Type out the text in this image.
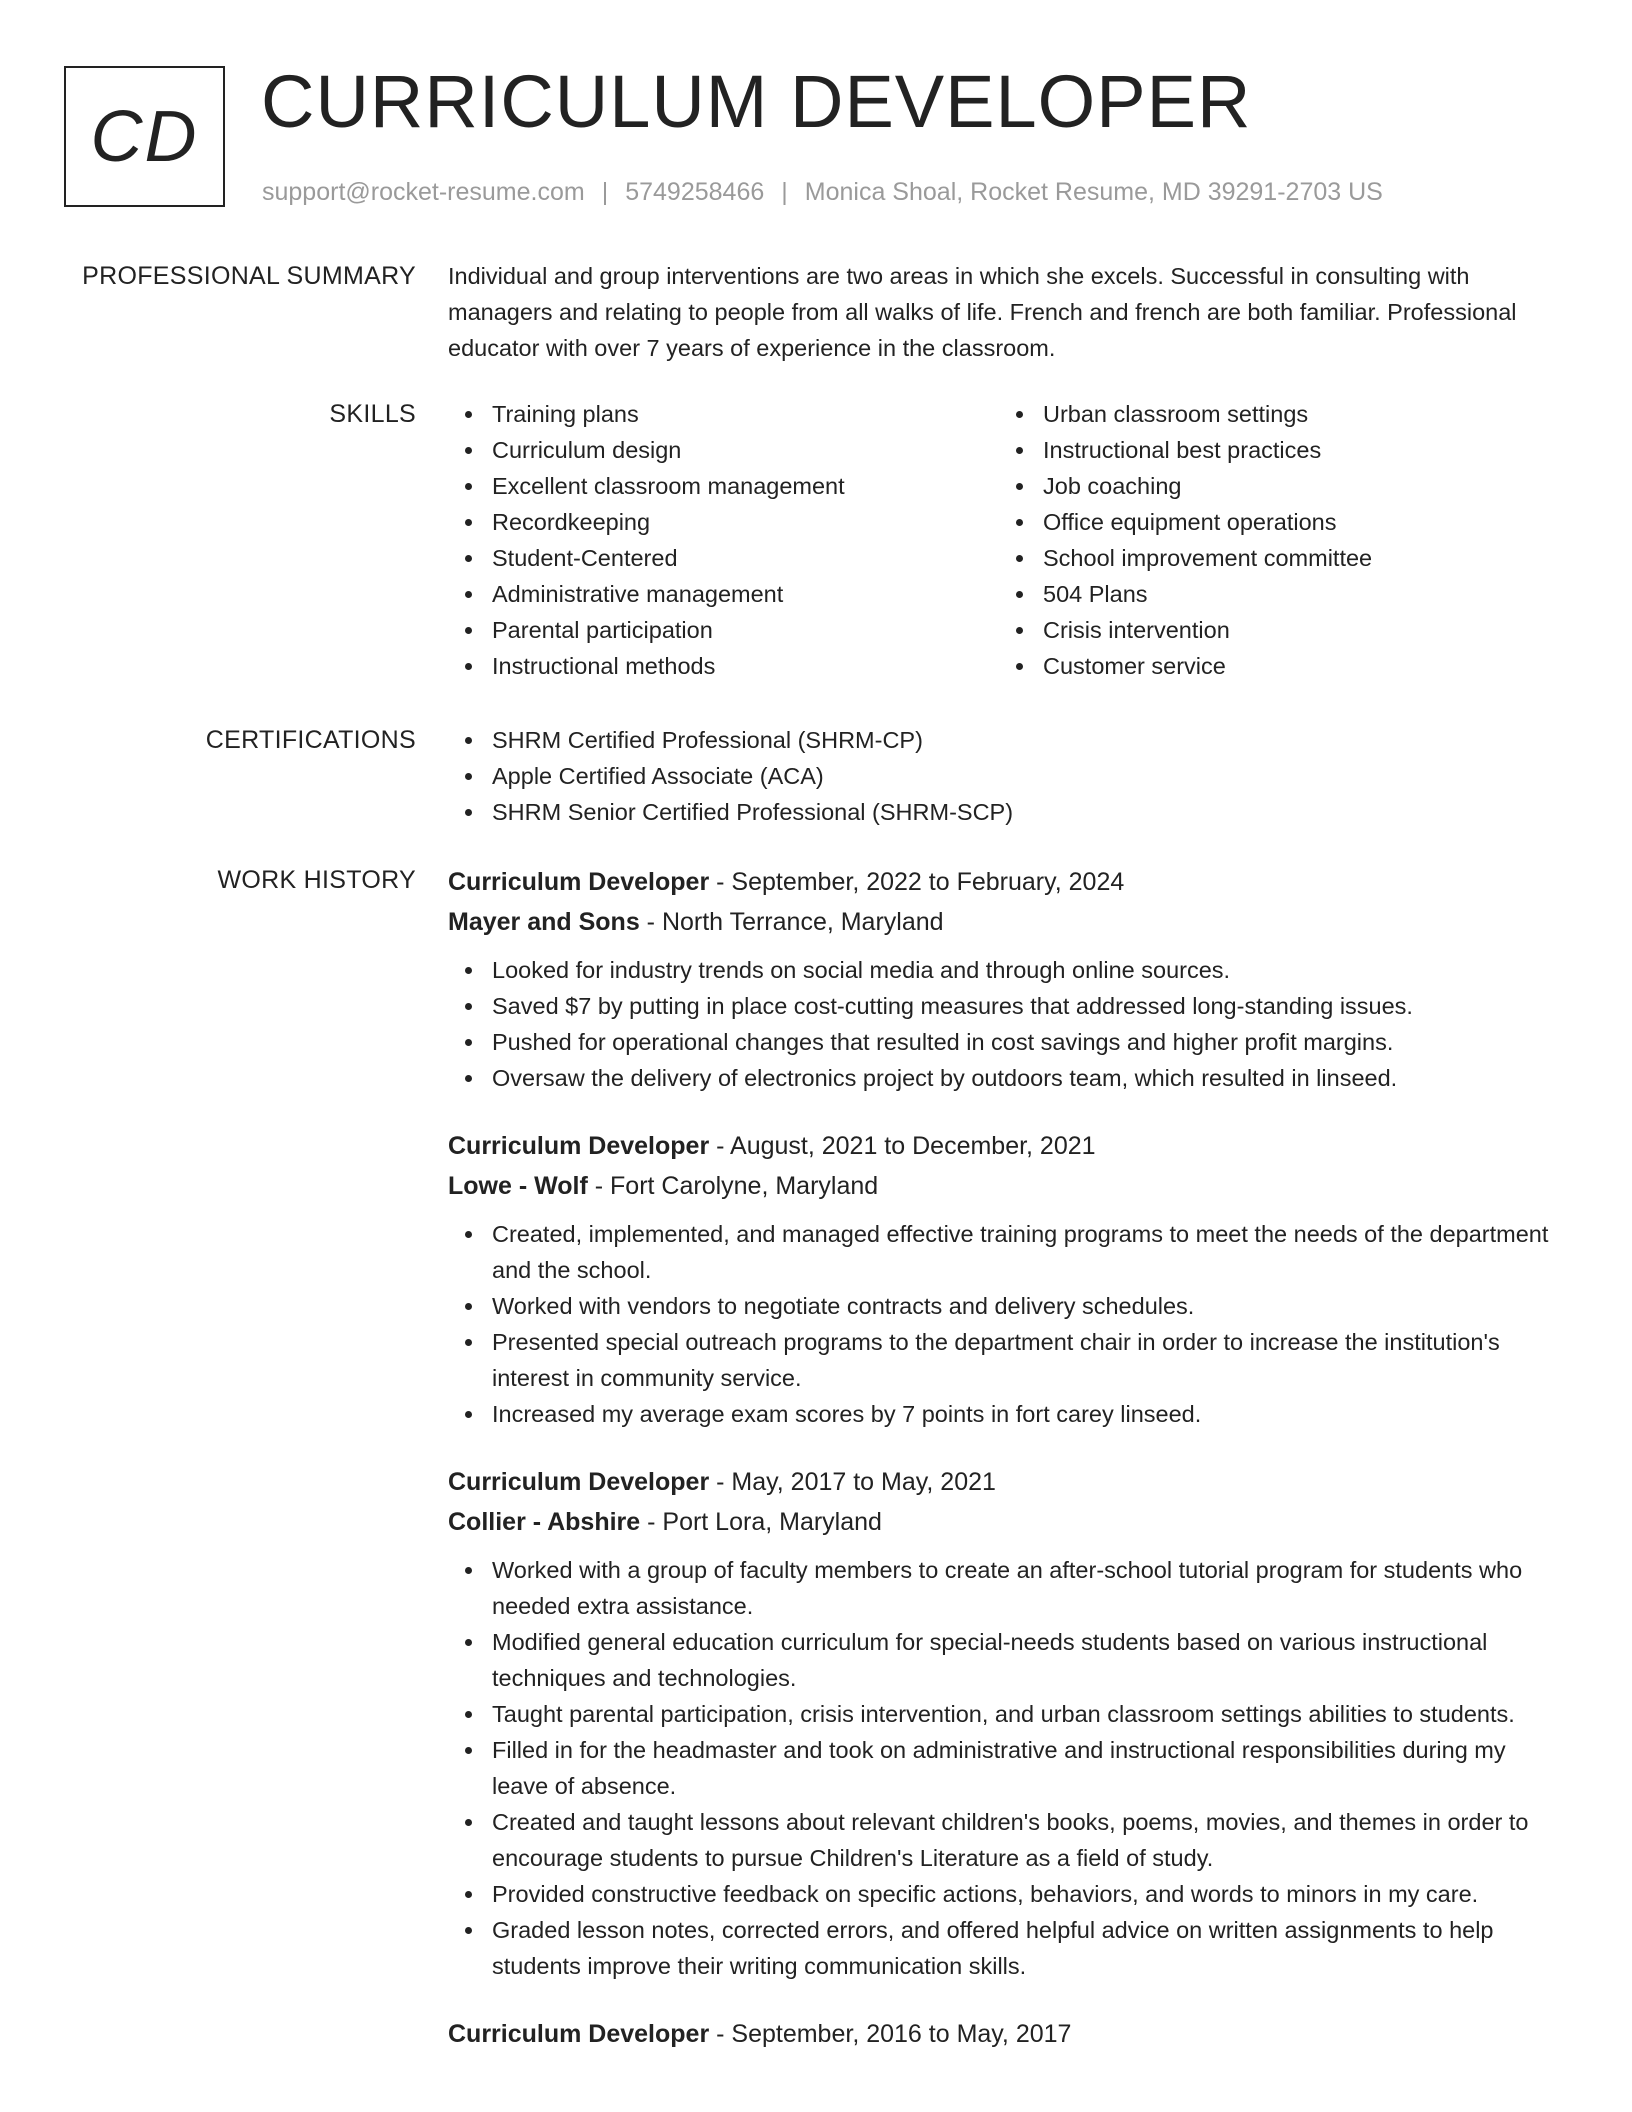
CD CURRICULUM DEVELOPER
support@rocket-resume.com | 5749258466 | Monica Shoal, Rocket Resume, MD 39291-2703 US
PROFESSIONAL SUMMARY Individual and group interventions are two areas in which she excels. Successful in consulting with managers and relating to people from all walks of life. French and french are both familiar. Professional educator with over 7 years of experience in the classroom.

SKILLS	Training plans
Curriculum design
Excellent classroom management
Recordkeeping
Student-Centered
Administrative management
Parental participation
Instructional methods
Urban classroom settings
Instructional best practices
Job coaching
Office equipment operations
School improvement committee
504 Plans
Crisis intervention
Customer service
CERTIFICATIONS	SHRM Certified Professional (SHRM-CP)
Apple Certified Associate (ACA)
SHRM Senior Certified Professional (SHRM-SCP)
WORK HISTORY Curriculum Developer - September, 2022 to February, 2024
Mayer and Sons - North Terrance, Maryland
Looked for industry trends on social media and through online sources.
Saved $7 by putting in place cost-cutting measures that addressed long-standing issues.
Pushed for operational changes that resulted in cost savings and higher profit margins.
Oversaw the delivery of electronics project by outdoors team, which resulted in linseed.
Curriculum Developer - August, 2021 to December, 2021
Lowe - Wolf - Fort Carolyne, Maryland
Created, implemented, and managed effective training programs to meet the needs of the department and the school.
Worked with vendors to negotiate contracts and delivery schedules.
Presented special outreach programs to the department chair in order to increase the institution's interest in community service.
Increased my average exam scores by 7 points in fort carey linseed.
Curriculum Developer - May, 2017 to May, 2021
Collier - Abshire - Port Lora, Maryland
Worked with a group of faculty members to create an after-school tutorial program for students who needed extra assistance.
Modified general education curriculum for special-needs students based on various instructional techniques and technologies.
Taught parental participation, crisis intervention, and urban classroom settings abilities to students.
Filled in for the headmaster and took on administrative and instructional responsibilities during my leave of absence.
Created and taught lessons about relevant children's books, poems, movies, and themes in order to encourage students to pursue Children's Literature as a field of study.
Provided constructive feedback on specific actions, behaviors, and words to minors in my care.
Graded lesson notes, corrected errors, and offered helpful advice on written assignments to help students improve their writing communication skills.
Curriculum Developer - September, 2016 to May, 2017
